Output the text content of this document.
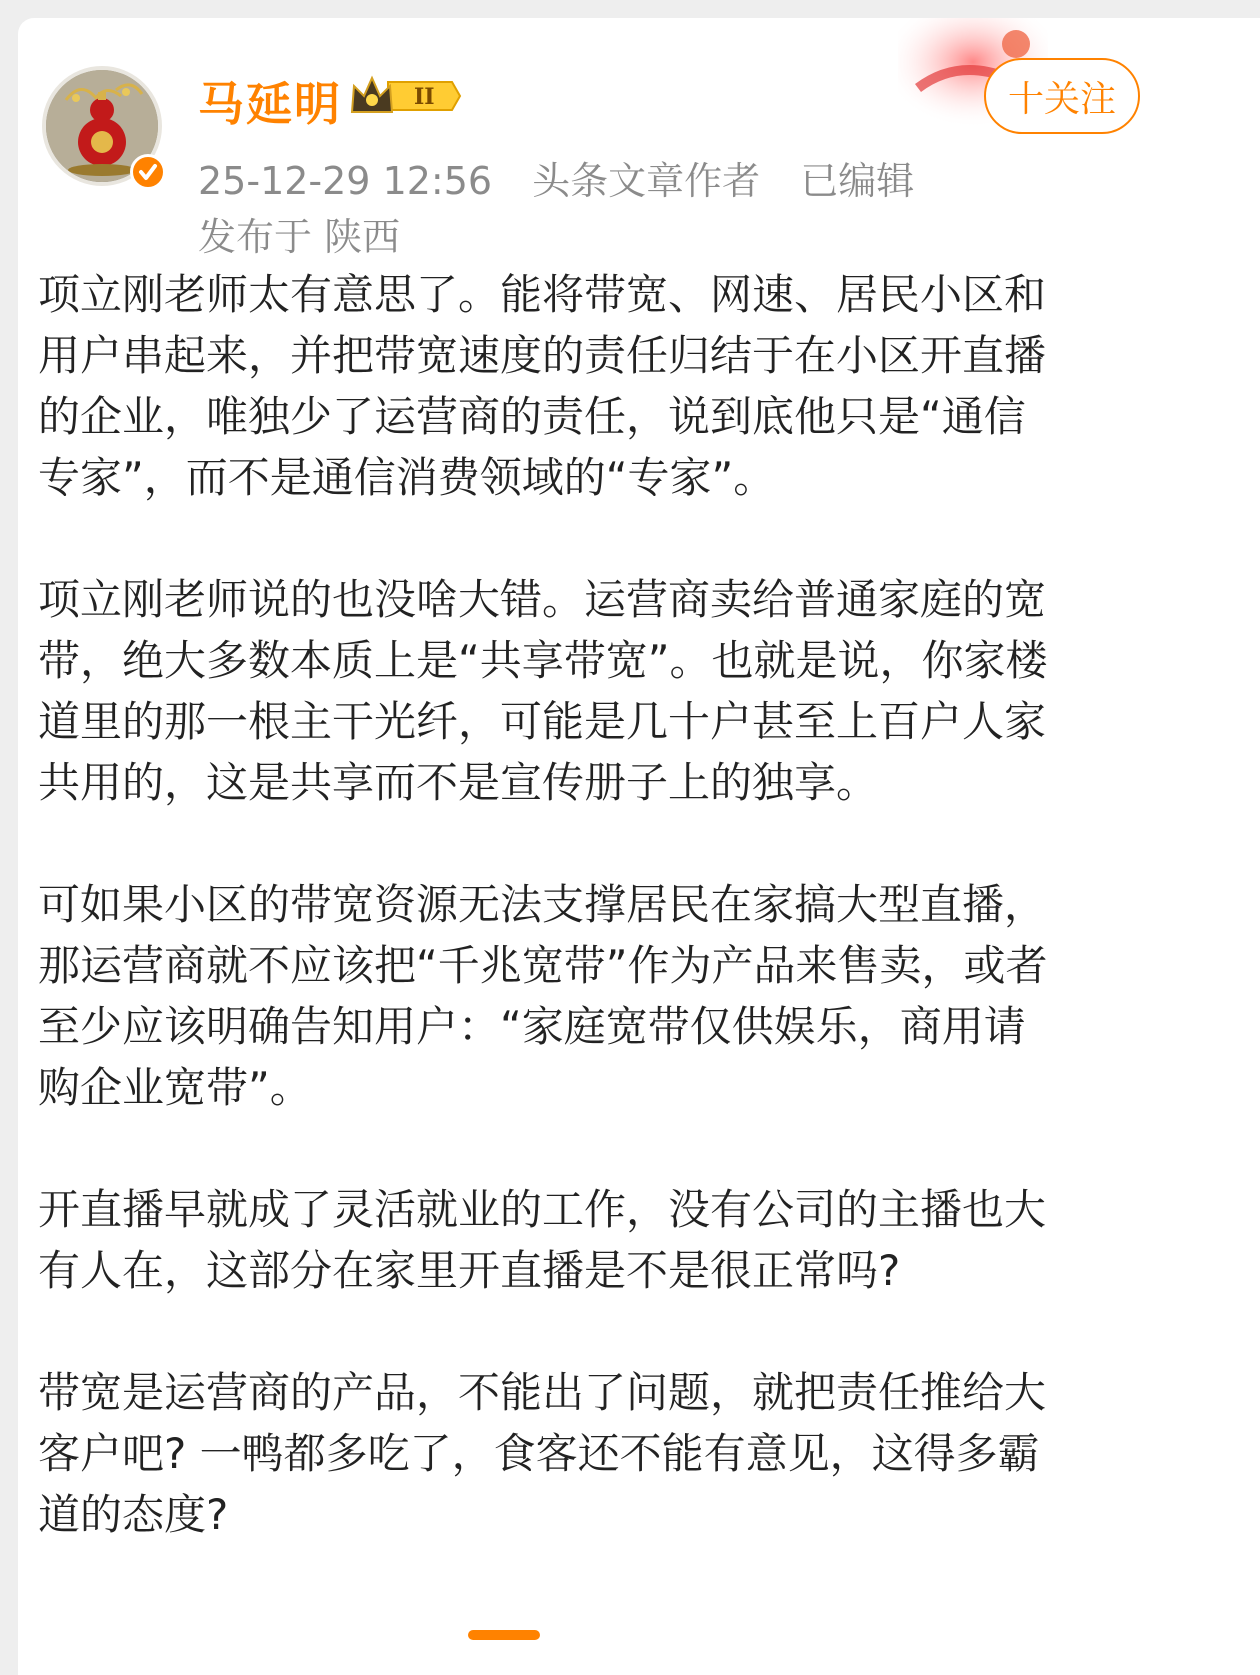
马延明	II	十关注
25-12-29 12:56 头条文章作者 已编辑
发布于 陕西

项立刚老师太有意思了。能将带宽、网速、居民小区和
用户串起来，并把带宽速度的责任归结于在小区开直播
的企业，唯独少了运营商的责任，说到底他只是“通信
专家”，而不是通信消费领域的“专家”。

项立刚老师说的也没啥大错。运营商卖给普通家庭的宽
带，绝大多数本质上是“共享带宽”。也就是说，你家楼
道里的那一根主干光纤，可能是几十户甚至上百户人家
共用的，这是共享而不是宣传册子上的独享。

可如果小区的带宽资源无法支撑居民在家搞大型直播，
那运营商就不应该把“千兆宽带”作为产品来售卖，或者
至少应该明确告知用户：“家庭宽带仅供娱乐，商用请
购企业宽带”。

开直播早就成了灵活就业的工作，没有公司的主播也大
有人在，这部分在家里开直播是不是很正常吗?

带宽是运营商的产品，不能出了问题，就把责任推给大
客户吧? 一鸭都多吃了，食客还不能有意见，这得多霸
道的态度?
